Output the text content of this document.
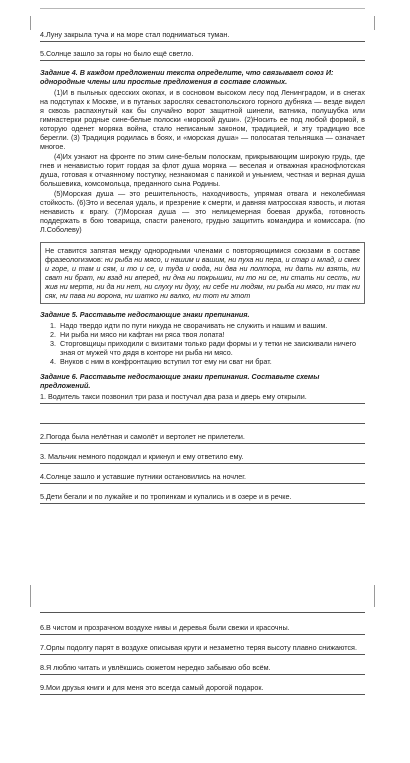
4.Луну закрыла туча и на море стал подниматься туман.
5.Солнце зашло за горы но было ещё светло.
Задание 4. В каждом предложении текста определите, что связывает союз И: однородные члены или простые предложения в составе сложных.

(1)И в пыльных одесских окопах, и в сосновом высоком лесу под Ленинградом, и в снегах на подступах к Москве, и в путаных зарослях севастопольского горного дубняка — везде видел я сквозь распахнутый как бы случайно ворот защитной шинели, ватника, полушубка или гимнастерки родные сине-белые полоски «морской души». (2)Носить ее под любой формой, в которую оденет моряка война, стало неписаным законом, традицией, и эту традицию все берегли. (3) Традиция родилась в боях, и «морская душа» — полосатая тельняшка — означает многое.

(4)Их узнают на фронте по этим сине-белым полоскам, прикрывающим широкую грудь, где гнев и ненавистью горит гордая за флот душа моряка — веселая и отважная краснофлотская душа, готовая к отчаянному поступку, незнакомая с паникой и унынием, честная и верная душа большевика, комсомольца, преданного сына Родины.

(5)Морская душа — это решительность, находчивость, упрямая отвага и неколебимая стойкость. (6)Это и веселая удаль, и презрение к смерти, и давняя матросская язвость, и лютая ненависть к врагу. (7)Морская душа — это нелицемерная боевая дружба, готовность поддержать в бою товарища, спасти раненого, грудью защитить командира и комиссара. (по Л.Соболеву)

Не ставится запятая между однородными членами с повторяющимися союзами в составе фразеологизмов: ни рыба ни мясо, и нашим и вашим, ни пуха ни пера, и стар и млад, и смех и горе, и там и сям, и то и се, и туда и сюда, ни два ни полтора, ни дать ни взять, ни сват ни брат, ни взад ни вперед, ни дна ни покрышки, ни то ни се, ни стать ни сесть, ни жив ни мертв, ни да ни нет, ни слуху ни духу, ни себе ни людям, ни рыба ни мясо, ни так ни сяк, ни пава ни ворона, ни шатко ни валко, ни тот ни этот
Задание 5. Расставьте недостающие знаки препинания.
1. Надо твердо идти по пути никуда не сворачивать не служить и нашим и вашим.
2. Ни рыба ни мясо ни кафтан ни ряса твоя лопата!
3. Сторговщицы приходили с визитами только ради формы и у тетки не заискивали ничего зная от мужей что дядя в конторе ни рыба ни мясо.
4. Внуков с ним в конфронтацию вступил тот ему ни сват ни брат.
Задание 6. Расставьте недостающие знаки препинания. Составьте схемы предложений.
1. Водитель такси позвонил три раза и постучал два раза и дверь ему открыли.
2.Погода была нелётная и самолёт и вертолет не прилетели.
3. Мальчик немного подождал и крикнул и ему ответило ему.
4.Солнце зашло и уставшие путники остановились на ночлег.
5.Дети бегали и по лужайке и по тропинкам и купались и в озере и в речке.
6.В чистом и прозрачном воздухе нивы и деревья были свежи и красочны.
7.Орлы подолгу парят в воздухе описывая круги и незаметно теряя высоту плавно снижаются.
8.Я люблю читать и увлёкшись сюжетом нередко забываю обо всём.
9.Мои друзья книги и для меня это всегда самый дорогой подарок.
